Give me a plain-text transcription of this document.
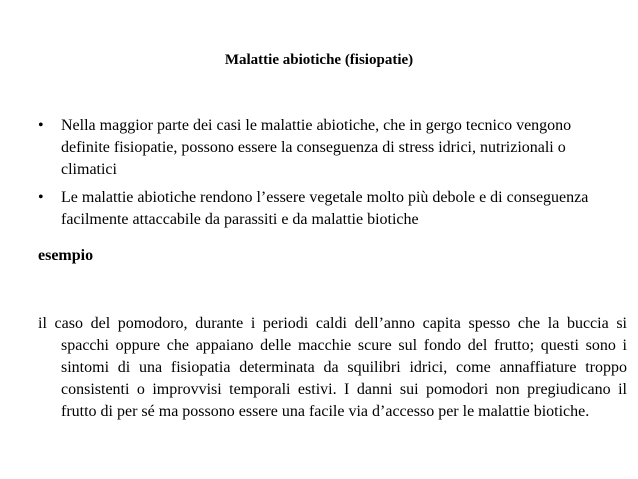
Malattie abiotiche (fisiopatie)
• Nella maggior parte dei casi le malattie abiotiche, che in gergo tecnico vengono definite fisiopatie, possono essere la conseguenza di stress idrici, nutrizionali o climatici
• Le malattie abiotiche rendono l’essere vegetale molto più debole e di conseguenza facilmente attaccabile da parassiti e da malattie biotiche
esempio
il caso del pomodoro, durante i periodi caldi dell’anno capita spesso che la buccia si spacchi oppure che appaiano delle macchie scure sul fondo del frutto; questi sono i sintomi di una fisiopatia determinata da squilibri idrici, come annaffiature troppo consistenti o improvvisi temporali estivi. I danni sui pomodori non pregiudicano il frutto di per sé ma possono essere una facile via d’accesso per le malattie biotiche.
